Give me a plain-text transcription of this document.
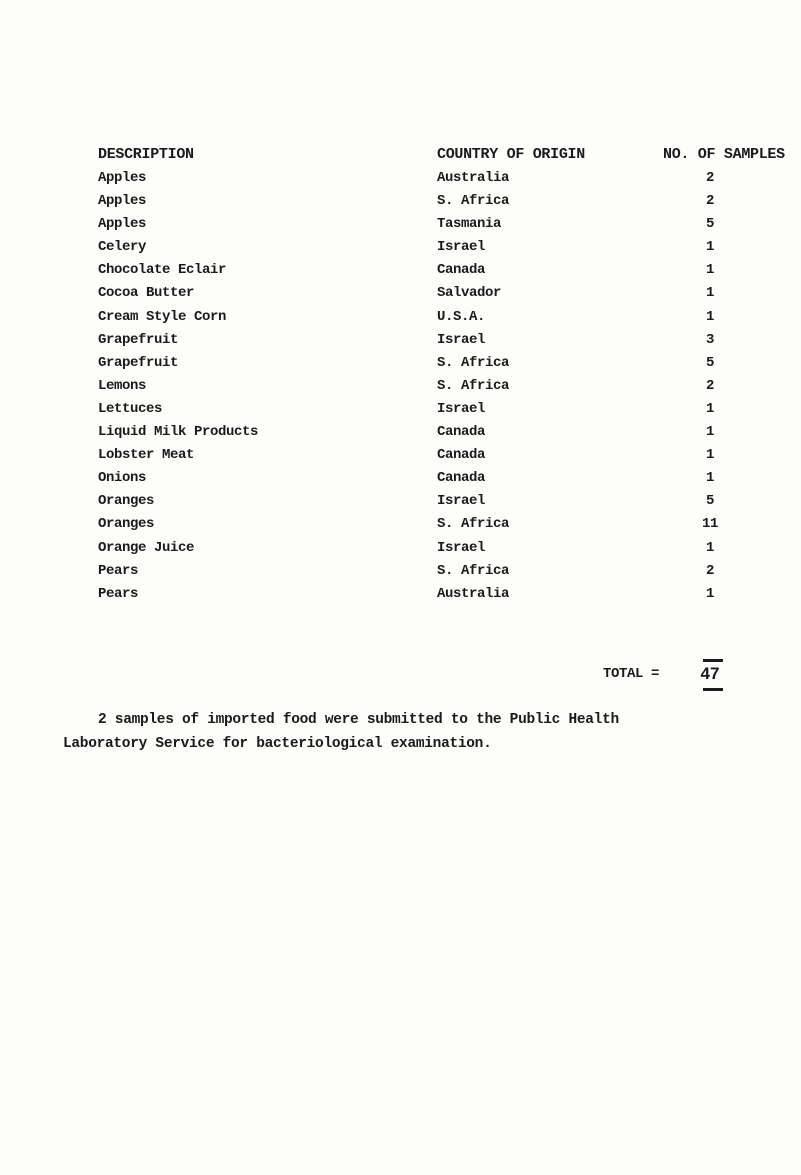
DESCRIPTION	COUNTRY OF ORIGIN	NO. OF SAMPLES
Apples	Australia	2
Apples	S. Africa	2
Apples	Tasmania	5
Celery	Israel	1
Chocolate Eclair	Canada	1
Cocoa Butter	Salvador	1
Cream Style Corn	U.S.A.	1
Grapefruit	Israel	3
Grapefruit	S. Africa	5
Lemons	S. Africa	2
Lettuces	Israel	1
Liquid Milk Products	Canada	1
Lobster Meat	Canada	1
Onions	Canada	1
Oranges	Israel	5
Oranges	S. Africa	11
Orange Juice	Israel	1
Pears	S. Africa	2
Pears	Australia	1
TOTAL =	47
2 samples of imported food were submitted to the Public Health
Laboratory Service for bacteriological examination.
